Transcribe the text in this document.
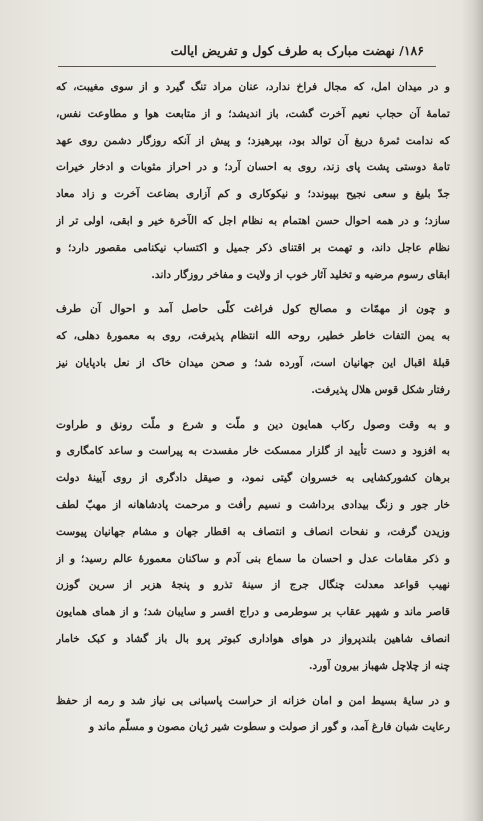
۱۸۶/ نهضت مبارک به طرف کول و تفریض ایالت
و در میدان امل، که مجال فراخ ندارد، عنان مراد تنگ گیرد و از سوی مغیبت، که
تمامهٔ آن حجاب نعیم آخرت گشت، باز اندیشد؛ و از متابعت هوا و مطاوعت نفس،
که ندامت ثمرهٔ دریغ آن توالد بود، بپرهیزد؛ و پیش از آنکه روزگار دشمن روی عهد
تامهٔ دوستی پشت پای زند، روی به احسان آرد؛ و در احراز مثوبات و ادخار خیرات
جدّ بلیغ و سعی نجیح بپیوندد؛ و نیکوکاری و کم آزاری بضاعت آخرت و زاد معاد
سازد؛ و در همه احوال حسن اهتمام به نظام اجل که الآخرة خیر و ابقی، اولی تر از
نظام عاجل داند، و تهمت بر اقتنای ذکر جمیل و اکتساب نیکنامی مقصور دارد؛ و
ابقای رسوم مرضیه و تخلید آثار خوب از ولایت و مفاخر روزگار داند.
و چون از مهمّات و مصالح کول فراغت کلّی حاصل آمد و احوال آن طرف
به یمن التفات خاطر خطیر، روحه الله انتظام پذیرفت، روی به معمورهٔ دهلی، که
قبلهٔ اقبال این جهانیان است، آورده شد؛ و صحن میدان خاک از نعل بادپایان نیز
رفتار شکل قوس هلال پذیرفت.
و به وقت وصول رکاب همایون دین و ملّت و شرع و ملّت رونق و طراوت
به افزود و دست تأیید از گلزار ممسکت خار مفسدت به پیراست و ساعد کامگاری و
برهان کشورکشایی به خسروان گیتی نمود، و صیقل دادگری از روی آیینهٔ دولت
خار جور و زنگ بیدادی برداشت و نسیم رأفت و مرحمت پادشاهانه از مهبّ لطف
وزیدن گرفت، و نفحات انصاف و انتصاف به اقطار جهان و مشام جهانیان پیوست
و ذکر مقامات عدل و احسان ما سماع بنی آدم و ساکنان معمورهٔ عالم رسید؛ و از
نهیب قواعد معدلت چنگال جرج از سینهٔ تذرو و پنجهٔ هزبر از سرین گوزن
قاصر ماند و شهپر عقاب بر سوطرمی و دراج افسر و سایبان شد؛ و از همای همایون
انصاف شاهین بلندپرواز در هوای هواداری کبوتر پرو بال باز گشاد و کبک خامار
چنه از چلاچل شهباز بیرون آورد.
و در سایهٔ بسیط امن و امان خزانه از حراست پاسبانی بی نیاز شد و رمه از حفظ
رعایت شبان فارغ آمد، و گور از صولت و سطوت شیر ژیان مصون و مسلّم ماند و
